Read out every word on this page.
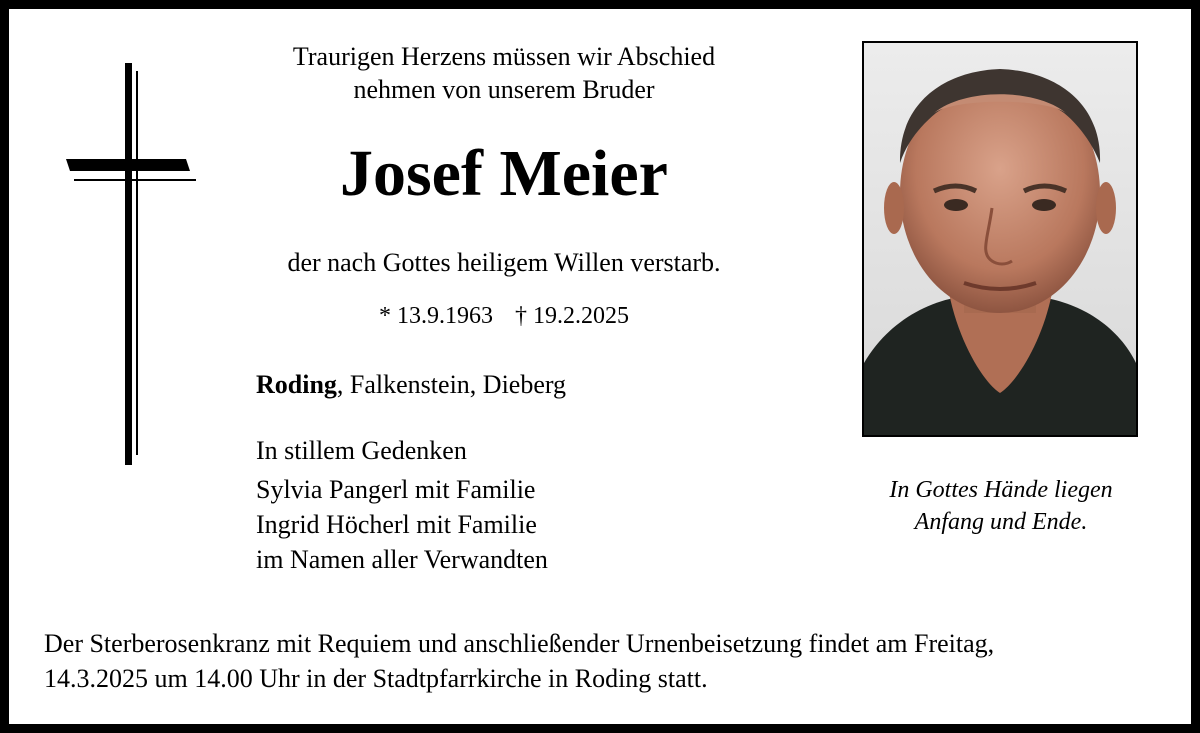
Traurigen Herzens müssen wir Abschied
nehmen von unserem Bruder
Josef Meier
der nach Gottes heiligem Willen verstarb.
* 13.9.1963 † 19.2.2025
Roding, Falkenstein, Dieberg
In stillem Gedenken
Sylvia Pangerl mit Familie
Ingrid Höcherl mit Familie
im Namen aller Verwandten
In Gottes Hände liegen
Anfang und Ende.
Der Sterberosenkranz mit Requiem und anschließender Urnenbeisetzung findet am Freitag,
14.3.2025 um 14.00 Uhr in der Stadtpfarrkirche in Roding statt.
